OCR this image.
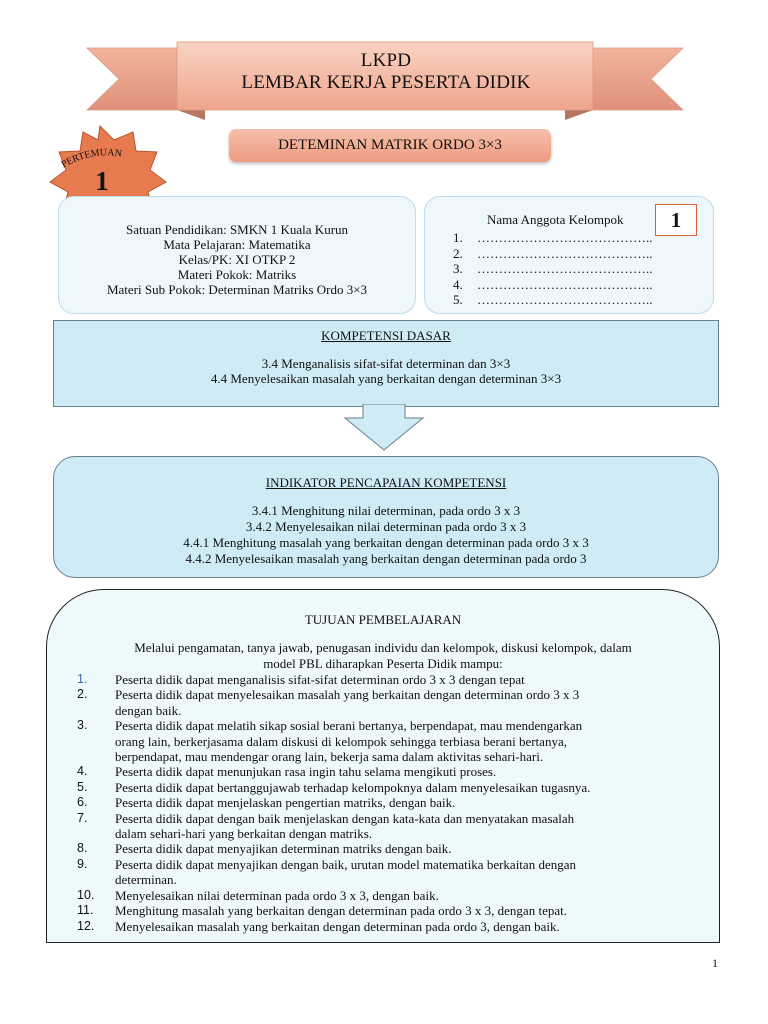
LKPD
LEMBAR KERJA PESERTA DIDIK
DETEMINAN MATRIK ORDO 3×3
PERTEMUAN
1
Satuan Pendidikan: SMKN 1 Kuala Kurun
Mata Pelajaran: Matematika
Kelas/PK: XI OTKP 2
Materi Pokok: Matriks
Materi Sub Pokok: Determinan Matriks Ordo 3×3
Nama Anggota Kelompok 1
1.	…………………………………..
2.	…………………………………..
3.	…………………………………..
4.	…………………………………..
5.	…………………………………..
KOMPETENSI DASAR
3.4 Menganalisis sifat-sifat determinan dan 3×3
4.4 Menyelesaikan masalah yang berkaitan dengan determinan 3×3
INDIKATOR PENCAPAIAN KOMPETENSI
3.4.1 Menghitung nilai determinan, pada ordo 3 x 3
3.4.2 Menyelesaikan nilai determinan pada ordo 3 x 3
4.4.1 Menghitung masalah yang berkaitan dengan determinan pada ordo 3 x 3
4.4.2 Menyelesaikan masalah yang berkaitan dengan determinan pada ordo 3
TUJUAN PEMBELAJARAN
Melalui pengamatan, tanya jawab, penugasan individu dan kelompok, diskusi kelompok, dalam
model PBL diharapkan Peserta Didik mampu:
1.	Peserta didik dapat menganalisis sifat-sifat determinan ordo 3 x 3 dengan tepat
2.	Peserta didik dapat menyelesaikan masalah yang berkaitan dengan determinan ordo 3 x 3
dengan baik.
3.	Peserta didik dapat melatih sikap sosial berani bertanya, berpendapat, mau mendengarkan
orang lain, berkerjasama dalam diskusi di kelompok sehingga terbiasa berani bertanya,
berpendapat, mau mendengar orang lain, bekerja sama dalam aktivitas sehari-hari.
4.	Peserta didik dapat menunjukan rasa ingin tahu selama mengikuti proses.
5.	Peserta didik dapat bertanggujawab terhadap kelompoknya dalam menyelesaikan tugasnya.
6.	Peserta didik dapat menjelaskan pengertian matriks, dengan baik.
7.	Peserta didik dapat dengan baik menjelaskan dengan kata-kata dan menyatakan masalah
dalam sehari-hari yang berkaitan dengan matriks.
8.	Peserta didik dapat menyajikan determinan matriks dengan baik.
9.	Peserta didik dapat menyajikan dengan baik, urutan model matematika berkaitan dengan
determinan.
10.	Menyelesaikan nilai determinan pada ordo 3 x 3, dengan baik.
11.	Menghitung masalah yang berkaitan dengan determinan pada ordo 3 x 3, dengan tepat.
12.	Menyelesaikan masalah yang berkaitan dengan determinan pada ordo 3, dengan baik.
1
